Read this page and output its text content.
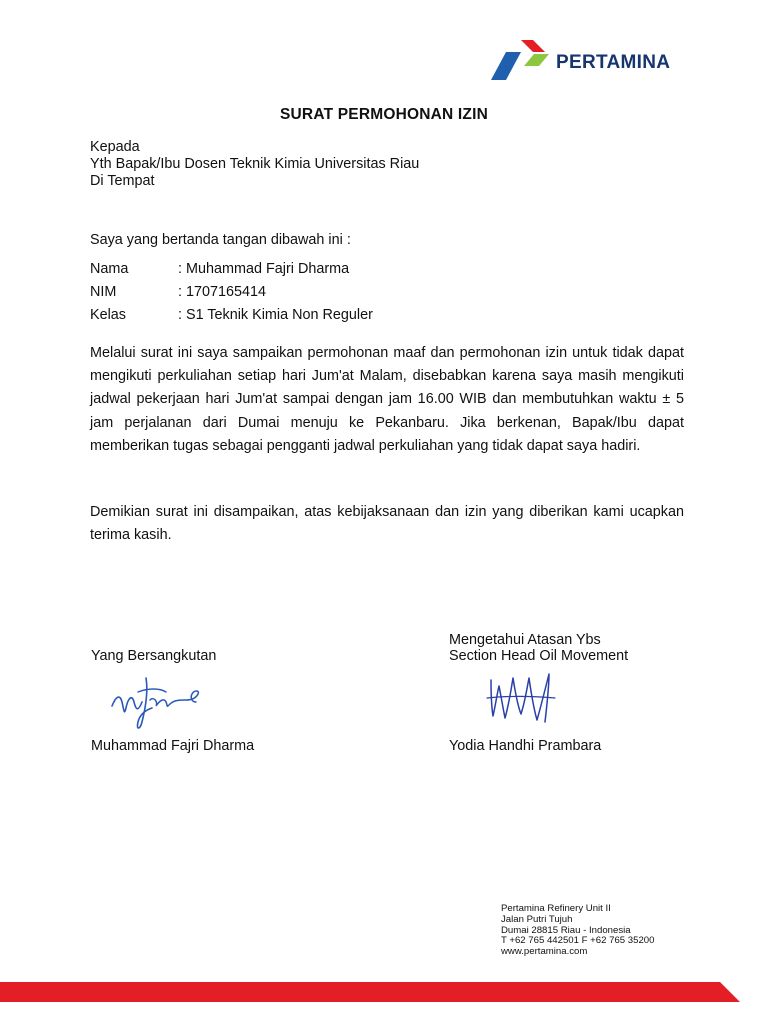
PERTAMINA
SURAT PERMOHONAN IZIN
Kepada
Yth Bapak/Ibu Dosen Teknik Kimia Universitas Riau
Di Tempat
Saya yang bertanda tangan dibawah ini :
Nama	: Muhammad Fajri Dharma
NIM	: 1707165414
Kelas	: S1 Teknik Kimia Non Reguler
Melalui surat ini saya sampaikan permohonan maaf dan permohonan izin untuk tidak dapat mengikuti perkuliahan setiap hari Jum'at Malam, disebabkan karena saya masih mengikuti jadwal pekerjaan hari Jum'at sampai dengan jam 16.00 WIB dan membutuhkan waktu ± 5 jam perjalanan dari Dumai menuju ke Pekanbaru. Jika berkenan, Bapak/Ibu dapat memberikan tugas sebagai pengganti jadwal perkuliahan yang tidak dapat saya hadiri.
Demikian surat ini disampaikan, atas kebijaksanaan dan izin yang diberikan kami ucapkan terima kasih.
Yang Bersangkutan
Muhammad Fajri Dharma
Mengetahui Atasan Ybs
Section Head Oil Movement
Yodia Handhi Prambara
Pertamina Refinery Unit II
Jalan Putri Tujuh
Dumai 28815 Riau - Indonesia
T +62 765 442501 F +62 765 35200
www.pertamina.com
